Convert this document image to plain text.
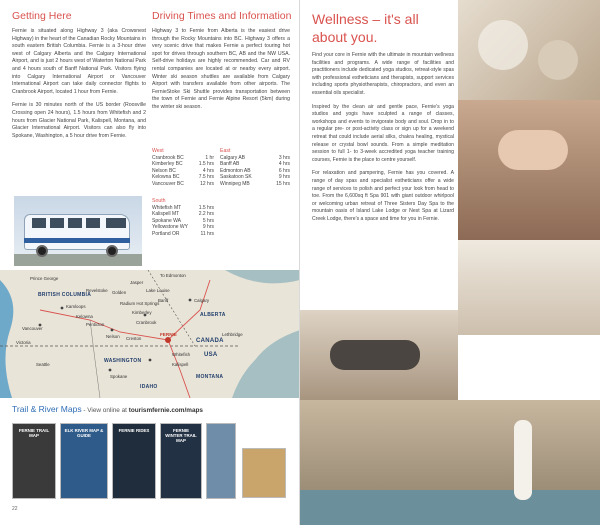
Getting Here

Fernie is situated along Highway 3 (aka Crowsnest Highway) in the heart of the Canadian Rocky Mountains in south eastern British Columbia. Fernie is a 3-hour drive west of Calgary Alberta and the Calgary International Airport, and is just 2 hours west of Waterton National Park and 4 hours south of Banff National Park. Visitors flying into Calgary International Airport or Vancouver International Airport can take daily connector flights to Cranbrook Airport, located 1 hour from Fernie.

Fernie is 30 minutes north of the US border (Roosville Crossing open 24 hours), 1.5 hours from Whitefish and 2 hours from Glacier National Park, Kalispell, Montana, and Glacier International Airport. Visitors can also fly into Spokane, Washington, a 5 hour drive from Fernie.

Driving Times and Information
Highway 3 to Fernie from Alberta is the easiest drive through the Rocky Mountains into BC. Highway 3 offers a very scenic drive that makes Fernie a perfect touring hot spot for drives through southern BC, AB and the NW USA. Self-drive holidays are highly recommended. Car and RV rental companies are located at or nearby every airport. Winter ski season shuttles are available from Calgary Airport with transfers available from other airports. The FernieStoke Ski Shuttle provides transportation between the town of Fernie and Fernie Alpine Resort (5km) during the winter ski season.
West
Cranbrook BC	1 hr
Kimberley BC	1.5 hrs
Nelson BC	4 hrs
Kelowna BC	7.5 hrs
Vancouver BC	12 hrs
East
Calgary AB	3 hrs
Banff AB	4 hrs
Edmonton AB	6 hrs
Saskatoon SK	9 hrs
Winnipeg MB	15 hrs
South
Whitefish MT	1.5 hrs
Kalispell MT	2.2 hrs
Spokane WA	5 hrs
Yellowstone WY	9 hrs
Portland OR	11 hrs
BRITISH COLUMBIA
ALBERTA
WASHINGTON
IDAHO
MONTANA
CANADA
USA
FERNIE
To Edmonton
Jasper
Lake Louise
Banff	Calgary
Revelstoke Golden
Radium Hot Springs
Kimberley
Cranbrook
Kamloops
Nelson
Vancouver
Victoria
Seattle
Spokane
Kalispell
Penticton
Kelowna
Whitefish
Lethbridge
Creston
Prince George
Trail & River Maps - View online at tourismfernie.com/maps
FERNIE TRAIL MAP
ELK RIVER MAP & GUIDE
FERNIE RIDES	FERNIE WINTER TRAIL MAP
22
Wellness – it's all about you.

Find your core in Fernie with the ultimate in mountain wellness facilities and programs. A wide range of facilities and practitioners include dedicated yoga studios, retreat-style spas with professional estheticians and therapists, support services including sports physiotherapists, chiropractors, and even an essential oils specialist.

Inspired by the clean air and gentle pace, Fernie's yoga studios and yogis have sculpted a range of classes, workshops and events to invigorate body and soul. Drop in to a regular pre- or post-activity class or sign up for a weekend retreat that could include aerial silks, chakra healing, mystical release or crystal bowl sounds. From a simple meditation session to full 1- to 3-week accredited yoga teacher training courses, Fernie is the place to centre yourself.

For relaxation and pampering, Fernie has you covered. A range of day spas and specialist estheticians offer a wide range of services to polish and perfect your look from head to toe. From the 6,600sq ft Spa 901 with giant outdoor whirlpool or welcoming urban retreat of Three Sisters Day Spa to the mountain oasis of Island Lake Lodge or Nest Spa at Lizard Creek Lodge, there's a space and time for you in Fernie.
